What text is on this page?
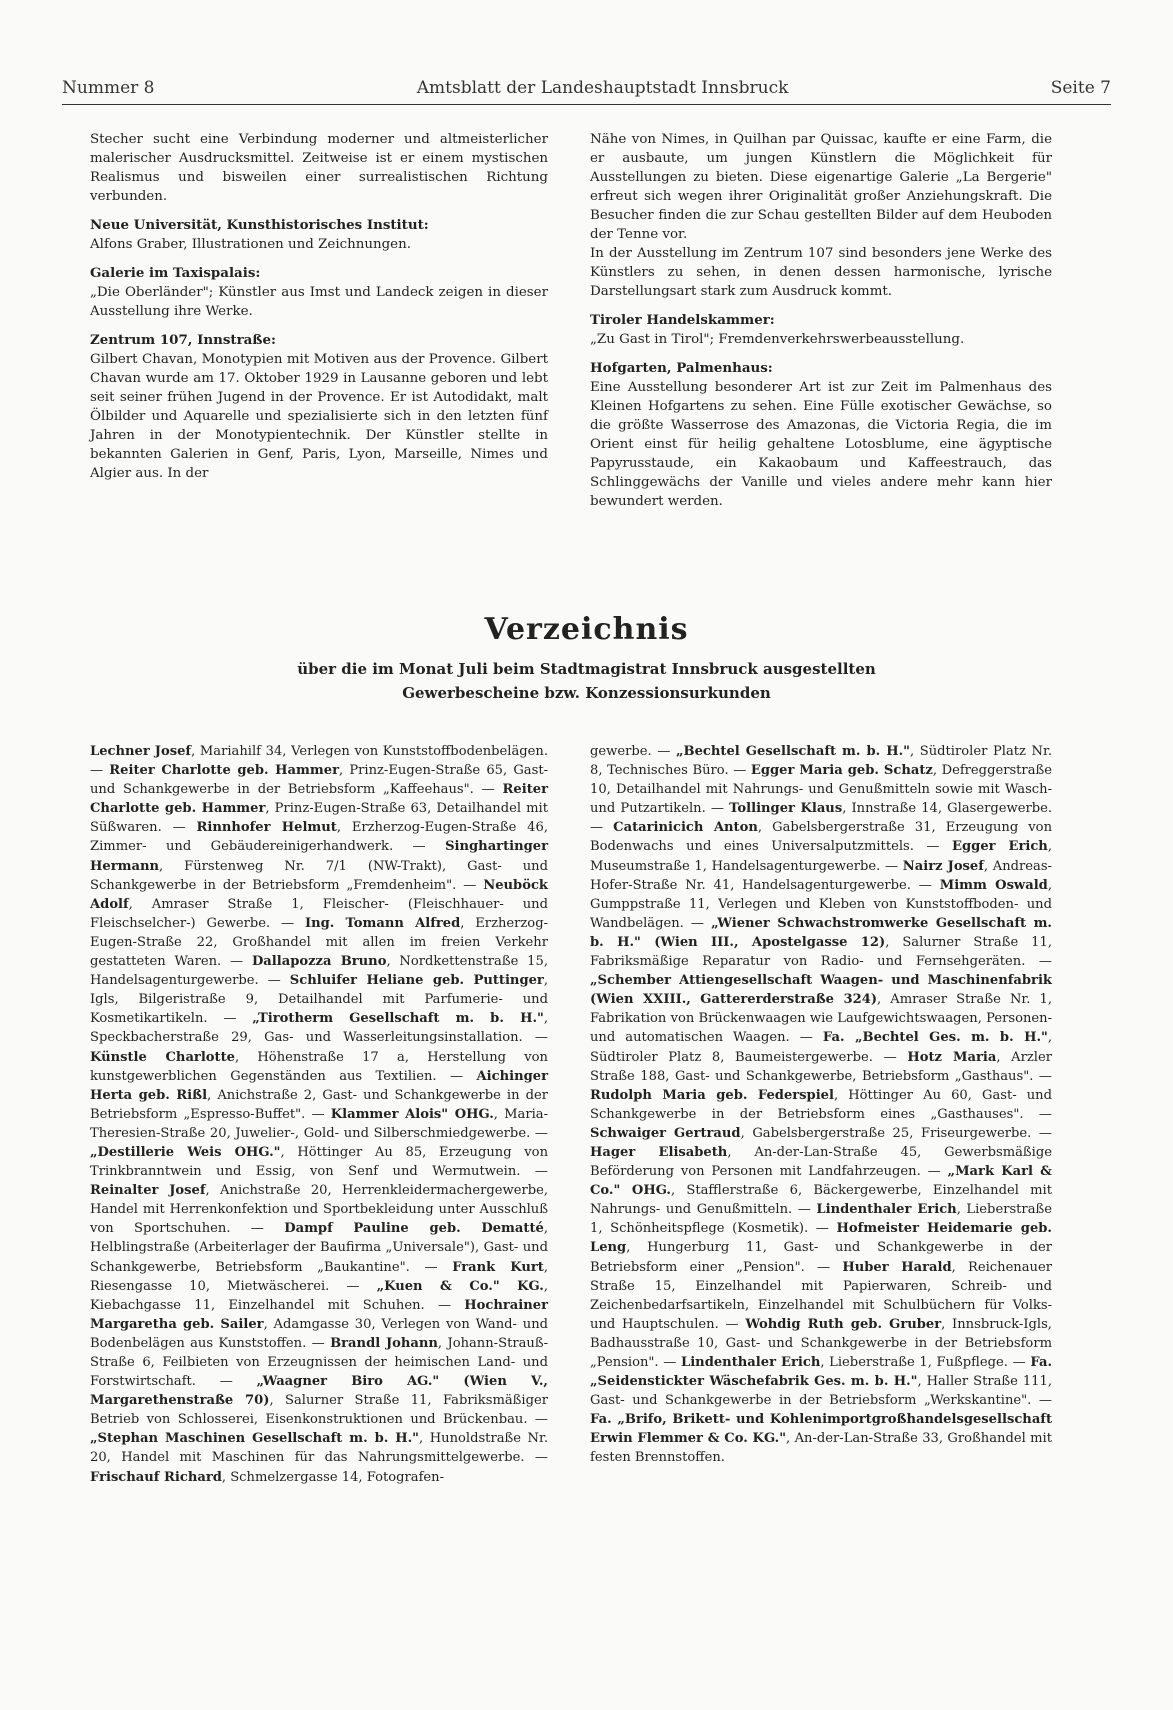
Nummer 8	Amtsblatt der Landeshauptstadt Innsbruck	Seite 7

Stecher sucht eine Verbindung moderner und altmeisterlicher malerischer Ausdrucksmittel. Zeitweise ist er einem mystischen Realismus und bisweilen einer surrealistischen Richtung verbunden.

Neue Universität, Kunsthistorisches Institut:
Alfons Graber, Illustrationen und Zeichnungen.

Galerie im Taxispalais:
„Die Oberländer"; Künstler aus Imst und Landeck zeigen in dieser Ausstellung ihre Werke.

Zentrum 107, Innstraße:
Gilbert Chavan, Monotypien mit Motiven aus der Provence. Gilbert Chavan wurde am 17. Oktober 1929 in Lausanne geboren und lebt seit seiner frühen Jugend in der Provence. Er ist Autodidakt, malt Ölbilder und Aquarelle und spezialisierte sich in den letzten fünf Jahren in der Monotypientechnik. Der Künstler stellte in bekannten Galerien in Genf, Paris, Lyon, Marseille, Nimes und Algier aus. In der

Nähe von Nimes, in Quilhan par Quissac, kaufte er eine Farm, die er ausbaute, um jungen Künstlern die Möglichkeit für Ausstellungen zu bieten. Diese eigenartige Galerie „La Bergerie" erfreut sich wegen ihrer Originalität großer Anziehungskraft. Die Besucher finden die zur Schau gestellten Bilder auf dem Heuboden der Tenne vor.

In der Ausstellung im Zentrum 107 sind besonders jene Werke des Künstlers zu sehen, in denen dessen harmonische, lyrische Darstellungsart stark zum Ausdruck kommt.

Tiroler Handelskammer:
„Zu Gast in Tirol"; Fremdenverkehrswerbeausstellung.

Hofgarten, Palmenhaus:
Eine Ausstellung besonderer Art ist zur Zeit im Palmenhaus des Kleinen Hofgartens zu sehen. Eine Fülle exotischer Gewächse, so die größte Wasserrose des Amazonas, die Victoria Regia, die im Orient einst für heilig gehaltene Lotosblume, eine ägyptische Papyrusstaude, ein Kakaobaum und Kaffeestrauch, das Schlinggewächs der Vanille und vieles andere mehr kann hier bewundert werden.

Verzeichnis

über die im Monat Juli beim Stadtmagistrat Innsbruck ausgestellten

Gewerbescheine bzw. Konzessionsurkunden

Lechner Josef, Mariahilf 34, Verlegen von Kunststoffbodenbelägen. — Reiter Charlotte geb. Hammer, Prinz-Eugen-Straße 65, Gast- und Schankgewerbe in der Betriebsform „Kaffeehaus". — Reiter Charlotte geb. Hammer, Prinz-Eugen-Straße 63, Detailhandel mit Süßwaren. — Rinnhofer Helmut, Erzherzog-Eugen-Straße 46, Zimmer- und Gebäudereinigerhandwerk. — Singhartinger Hermann, Fürstenweg Nr. 7/1 (NW-Trakt), Gast- und Schankgewerbe in der Betriebsform „Fremdenheim". — Neuböck Adolf, Amraser Straße 1, Fleischer- (Fleischhauer- und Fleischselcher-) Gewerbe. — Ing. Tomann Alfred, Erzherzog-Eugen-Straße 22, Großhandel mit allen im freien Verkehr gestatteten Waren. — Dallapozza Bruno, Nordkettenstraße 15, Handelsagenturgewerbe. — Schluifer Heliane geb. Puttinger, Igls, Bilgeristraße 9, Detailhandel mit Parfumerie- und Kosmetikartikeln. — „Tirotherm Gesellschaft m. b. H.", Speckbacherstraße 29, Gas- und Wasserleitungsinstallation. — Künstle Charlotte, Höhenstraße 17 a, Herstellung von kunstgewerblichen Gegenständen aus Textilien. — Aichinger Herta geb. Rißl, Anichstraße 2, Gast- und Schankgewerbe in der Betriebsform „Espresso-Buffet". — Klammer Alois" OHG., Maria-Theresien-Straße 20, Juwelier-, Gold- und Silberschmiedgewerbe. — „Destillerie Weis OHG.", Höttinger Au 85, Erzeugung von Trinkbranntwein und Essig, von Senf und Wermutwein. — Reinalter Josef, Anichstraße 20, Herrenkleidermachergewerbe, Handel mit Herrenkonfektion und Sportbekleidung unter Ausschluß von Sportschuhen. — Dampf Pauline geb. Dematté, Helblingstraße (Arbeiterlager der Baufirma „Universale"), Gast- und Schankgewerbe, Betriebsform „Baukantine". — Frank Kurt, Riesengasse 10, Mietwäscherei. — „Kuen & Co." KG., Kiebachgasse 11, Einzelhandel mit Schuhen. — Hochrainer Margaretha geb. Sailer, Adamgasse 30, Verlegen von Wand- und Bodenbelägen aus Kunststoffen. — Brandl Johann, Johann-Strauß-Straße 6, Feilbieten von Erzeugnissen der heimischen Land- und Forstwirtschaft. — „Waagner Biro AG." (Wien V., Margarethenstraße 70), Salurner Straße 11, Fabriksmäßiger Betrieb von Schlosserei, Eisenkonstruktionen und Brückenbau. — „Stephan Maschinen Gesellschaft m. b. H.", Hunoldstraße Nr. 20, Handel mit Maschinen für das Nahrungsmittelgewerbe. — Frischauf Richard, Schmelzergasse 14, Fotografen-

gewerbe. — „Bechtel Gesellschaft m. b. H.", Südtiroler Platz Nr. 8, Technisches Büro. — Egger Maria geb. Schatz, Defreggerstraße 10, Detailhandel mit Nahrungs- und Genußmitteln sowie mit Wasch- und Putzartikeln. — Tollinger Klaus, Innstraße 14, Glasergewerbe. — Catarinicich Anton, Gabelsbergerstraße 31, Erzeugung von Bodenwachs und eines Universalputzmittels. — Egger Erich, Museumstraße 1, Handelsagenturgewerbe. — Nairz Josef, Andreas-Hofer-Straße Nr. 41, Handelsagenturgewerbe. — Mimm Oswald, Gumppstraße 11, Verlegen und Kleben von Kunststoffboden- und Wandbelägen. — „Wiener Schwachstromwerke Gesellschaft m. b. H." (Wien III., Apostelgasse 12), Salurner Straße 11, Fabriksmäßige Reparatur von Radio- und Fernsehgeräten. — „Schember Attiengesellschaft Waagen- und Maschinenfabrik (Wien XXIII., Gattererderstraße 324), Amraser Straße Nr. 1, Fabrikation von Brückenwaagen wie Laufgewichtswaagen, Personen- und automatischen Waagen. — Fa. „Bechtel Ges. m. b. H.", Südtiroler Platz 8, Baumeistergewerbe. — Hotz Maria, Arzler Straße 188, Gast- und Schankgewerbe, Betriebsform „Gasthaus". — Rudolph Maria geb. Federspiel, Höttinger Au 60, Gast- und Schankgewerbe in der Betriebsform eines „Gasthauses". — Schwaiger Gertraud, Gabelsbergerstraße 25, Friseurgewerbe. — Hager Elisabeth, An-der-Lan-Straße 45, Gewerbsmäßige Beförderung von Personen mit Landfahrzeugen. — „Mark Karl & Co." OHG., Stafflerstraße 6, Bäckergewerbe, Einzelhandel mit Nahrungs- und Genußmitteln. — Lindenthaler Erich, Lieberstraße 1, Schönheitspflege (Kosmetik). — Hofmeister Heidemarie geb. Leng, Hungerburg 11, Gast- und Schankgewerbe in der Betriebsform einer „Pension". — Huber Harald, Reichenauer Straße 15, Einzelhandel mit Papierwaren, Schreib- und Zeichenbedarfsartikeln, Einzelhandel mit Schulbüchern für Volks- und Hauptschulen. — Wohdig Ruth geb. Gruber, Innsbruck-Igls, Badhausstraße 10, Gast- und Schankgewerbe in der Betriebsform „Pension". — Lindenthaler Erich, Lieberstraße 1, Fußpflege. — Fa. „Seidenstickter Wäschefabrik Ges. m. b. H.", Haller Straße 111, Gast- und Schankgewerbe in der Betriebsform „Werkskantine". — Fa. „Brifo, Brikett- und Kohlenimportgroßhandelsgesellschaft Erwin Flemmer & Co. KG.", An-der-Lan-Straße 33, Großhandel mit festen Brennstoffen.
